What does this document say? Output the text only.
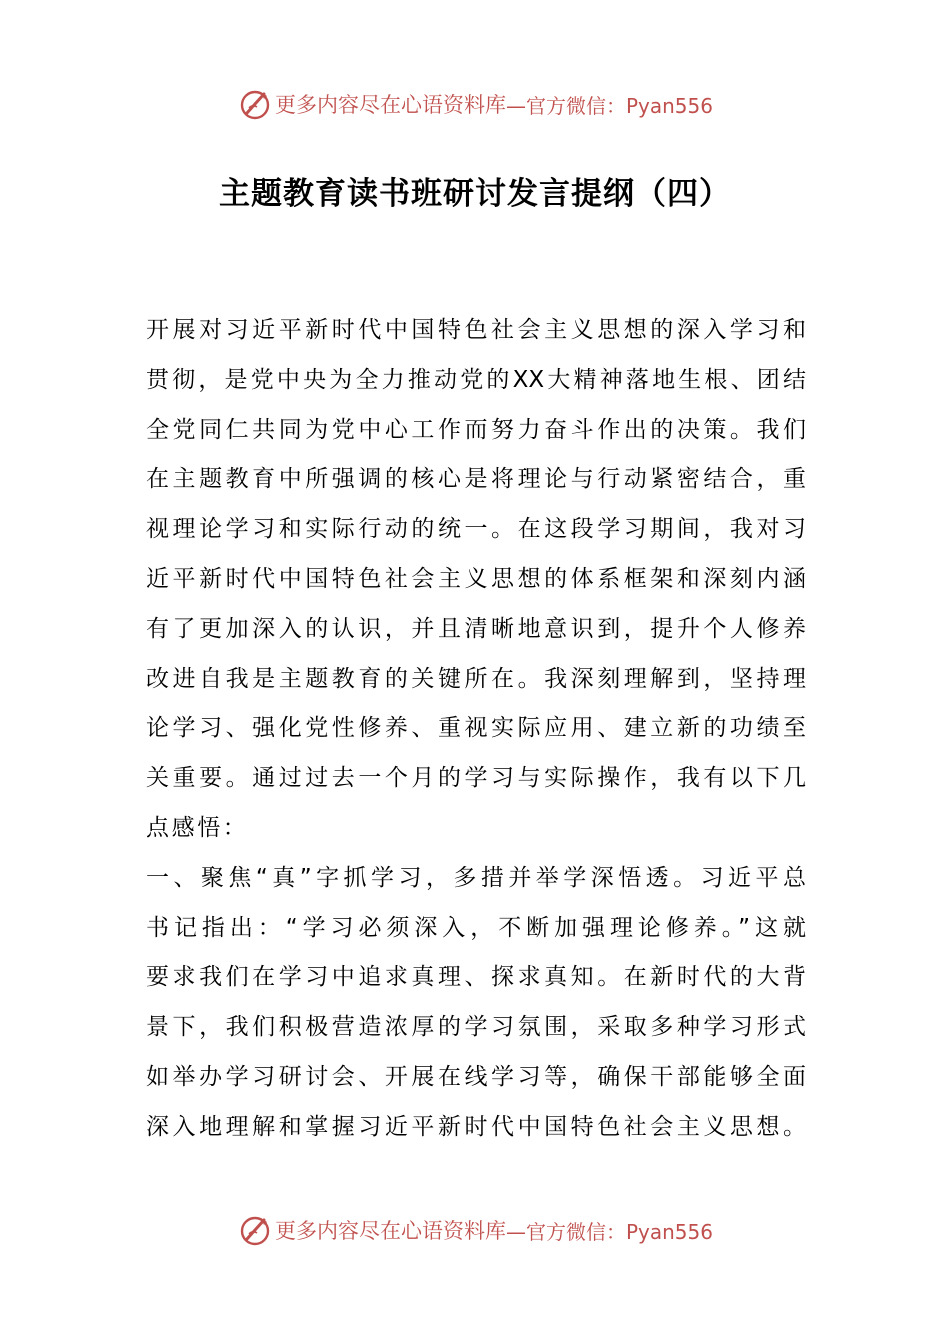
更多内容尽在心语资料库 —官方微信：Pyan556
主题教育读书班研讨发言提纲（四）
开展对习近平新时代中国特色社会主义思想的深入学习和
贯彻，是党中央为全力推动党的XX大精神落地生根、团结
全党同仁共同为党中心工作而努力奋斗作出的决策。我们
在主题教育中所强调的核心是将理论与行动紧密结合，重
视理论学习和实际行动的统一。在这段学习期间，我对习
近平新时代中国特色社会主义思想的体系框架和深刻内涵
有了更加深入的认识，并且清晰地意识到，提升个人修养
改进自我是主题教育的关键所在。我深刻理解到，坚持理
论学习、强化党性修养、重视实际应用、建立新的功绩至
关重要。通过过去一个月的学习与实际操作，我有以下几
点感悟：
一、聚焦“真”字抓学习，多措并举学深悟透。习近平总
书记指出：“学习必须深入，不断加强理论修养。”这就
要求我们在学习中追求真理、探求真知。在新时代的大背
景下，我们积极营造浓厚的学习氛围，采取多种学习形式
如举办学习研讨会、开展在线学习等，确保干部能够全面
深入地理解和掌握习近平新时代中国特色社会主义思想。
更多内容尽在心语资料库 —官方微信：Pyan556
